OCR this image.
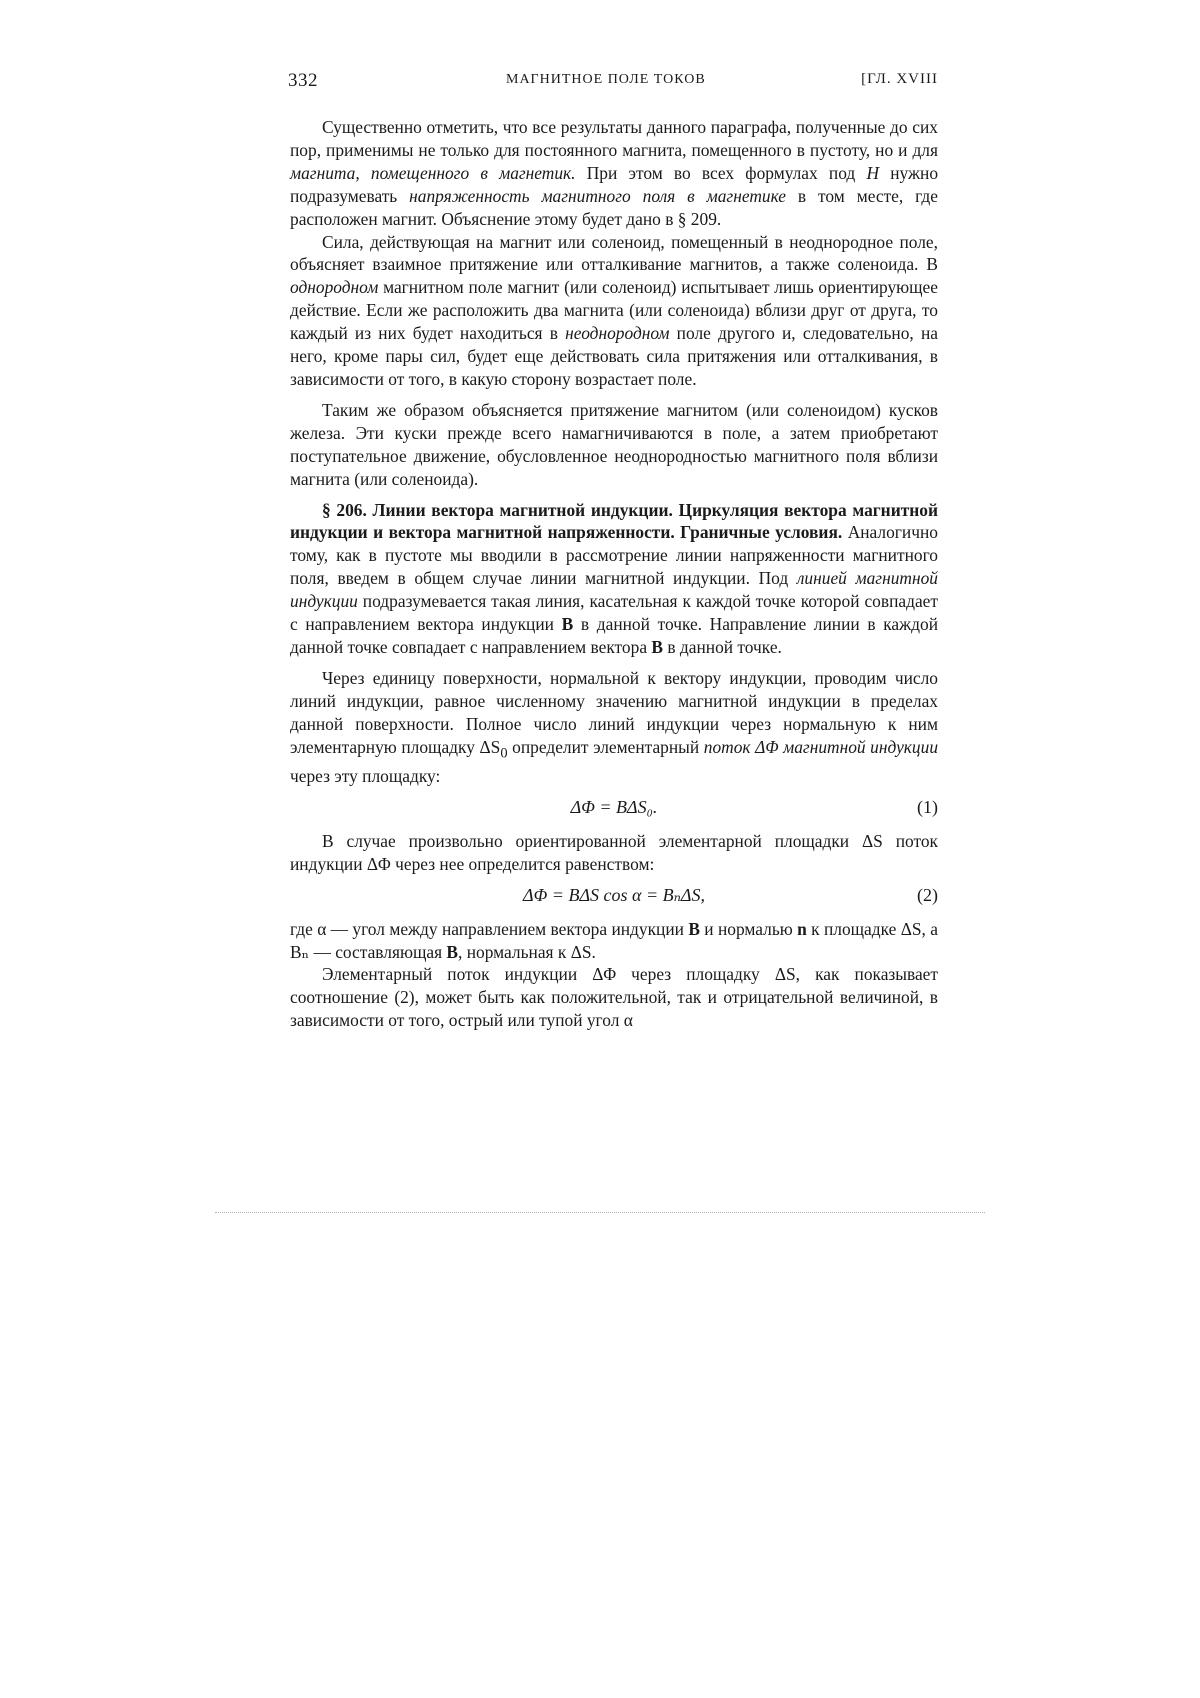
332	МАГНИТНОЕ ПОЛЕ ТОКОВ	[ГЛ. XVIII

Существенно отметить, что все результаты данного параграфа, полученные до сих пор, применимы не только для постоянного магнита, помещенного в пустоту, но и для магнита, помещенного в магнетик. При этом во всех формулах под H нужно подразумевать напряженность магнитного поля в магнетике в том месте, где расположен магнит. Объяснение этому будет дано в § 209.

Сила, действующая на магнит или соленоид, помещенный в неоднородное поле, объясняет взаимное притяжение или отталкивание магнитов, а также соленоида. В однородном магнитном поле магнит (или соленоид) испытывает лишь ориентирующее действие. Если же расположить два магнита (или соленоида) вблизи друг от друга, то каждый из них будет находиться в неоднородном поле другого и, следовательно, на него, кроме пары сил, будет еще действовать сила притяжения или отталкивания, в зависимости от того, в какую сторону возрастает поле.

Таким же образом объясняется притяжение магнитом (или соленоидом) кусков железа. Эти куски прежде всего намагничиваются в поле, а затем приобретают поступательное движение, обусловленное неоднородностью магнитного поля вблизи магнита (или соленоида).

§ 206. Линии вектора магнитной индукции. Циркуляция вектора магнитной индукции и вектора магнитной напряженности. Граничные условия. Аналогично тому, как в пустоте мы вводили в рассмотрение линии напряженности магнитного поля, введем в общем случае линии магнитной индукции. Под линией магнитной индукции подразумевается такая линия, касательная к каждой точке которой совпадает с направлением вектора индукции B в данной точке. Направление линии в каждой данной точке совпадает с направлением вектора B в данной точке.

Через единицу поверхности, нормальной к вектору индукции, проводим число линий индукции, равное численному значению магнитной индукции в пределах данной поверхности. Полное число линий индукции через нормальную к ним элементарную площадку $\Delta S_0$ определит элементарный поток ΔΦ магнитной индукции через эту площадку:

ΔΦ = BΔS₀.	(1)

В случае произвольно ориентированной элементарной площадки ΔS поток индукции ΔΦ через нее определится равенством:

ΔΦ = BΔS cos α = BₙΔS,	(2)

где α — угол между направлением вектора индукции B и нормалью n к площадке ΔS, а Bₙ — составляющая B, нормальная к ΔS.

Элементарный поток индукции ΔΦ через площадку ΔS, как показывает соотношение (2), может быть как положительной, так и отрицательной величиной, в зависимости от того, острый или тупой угол α
